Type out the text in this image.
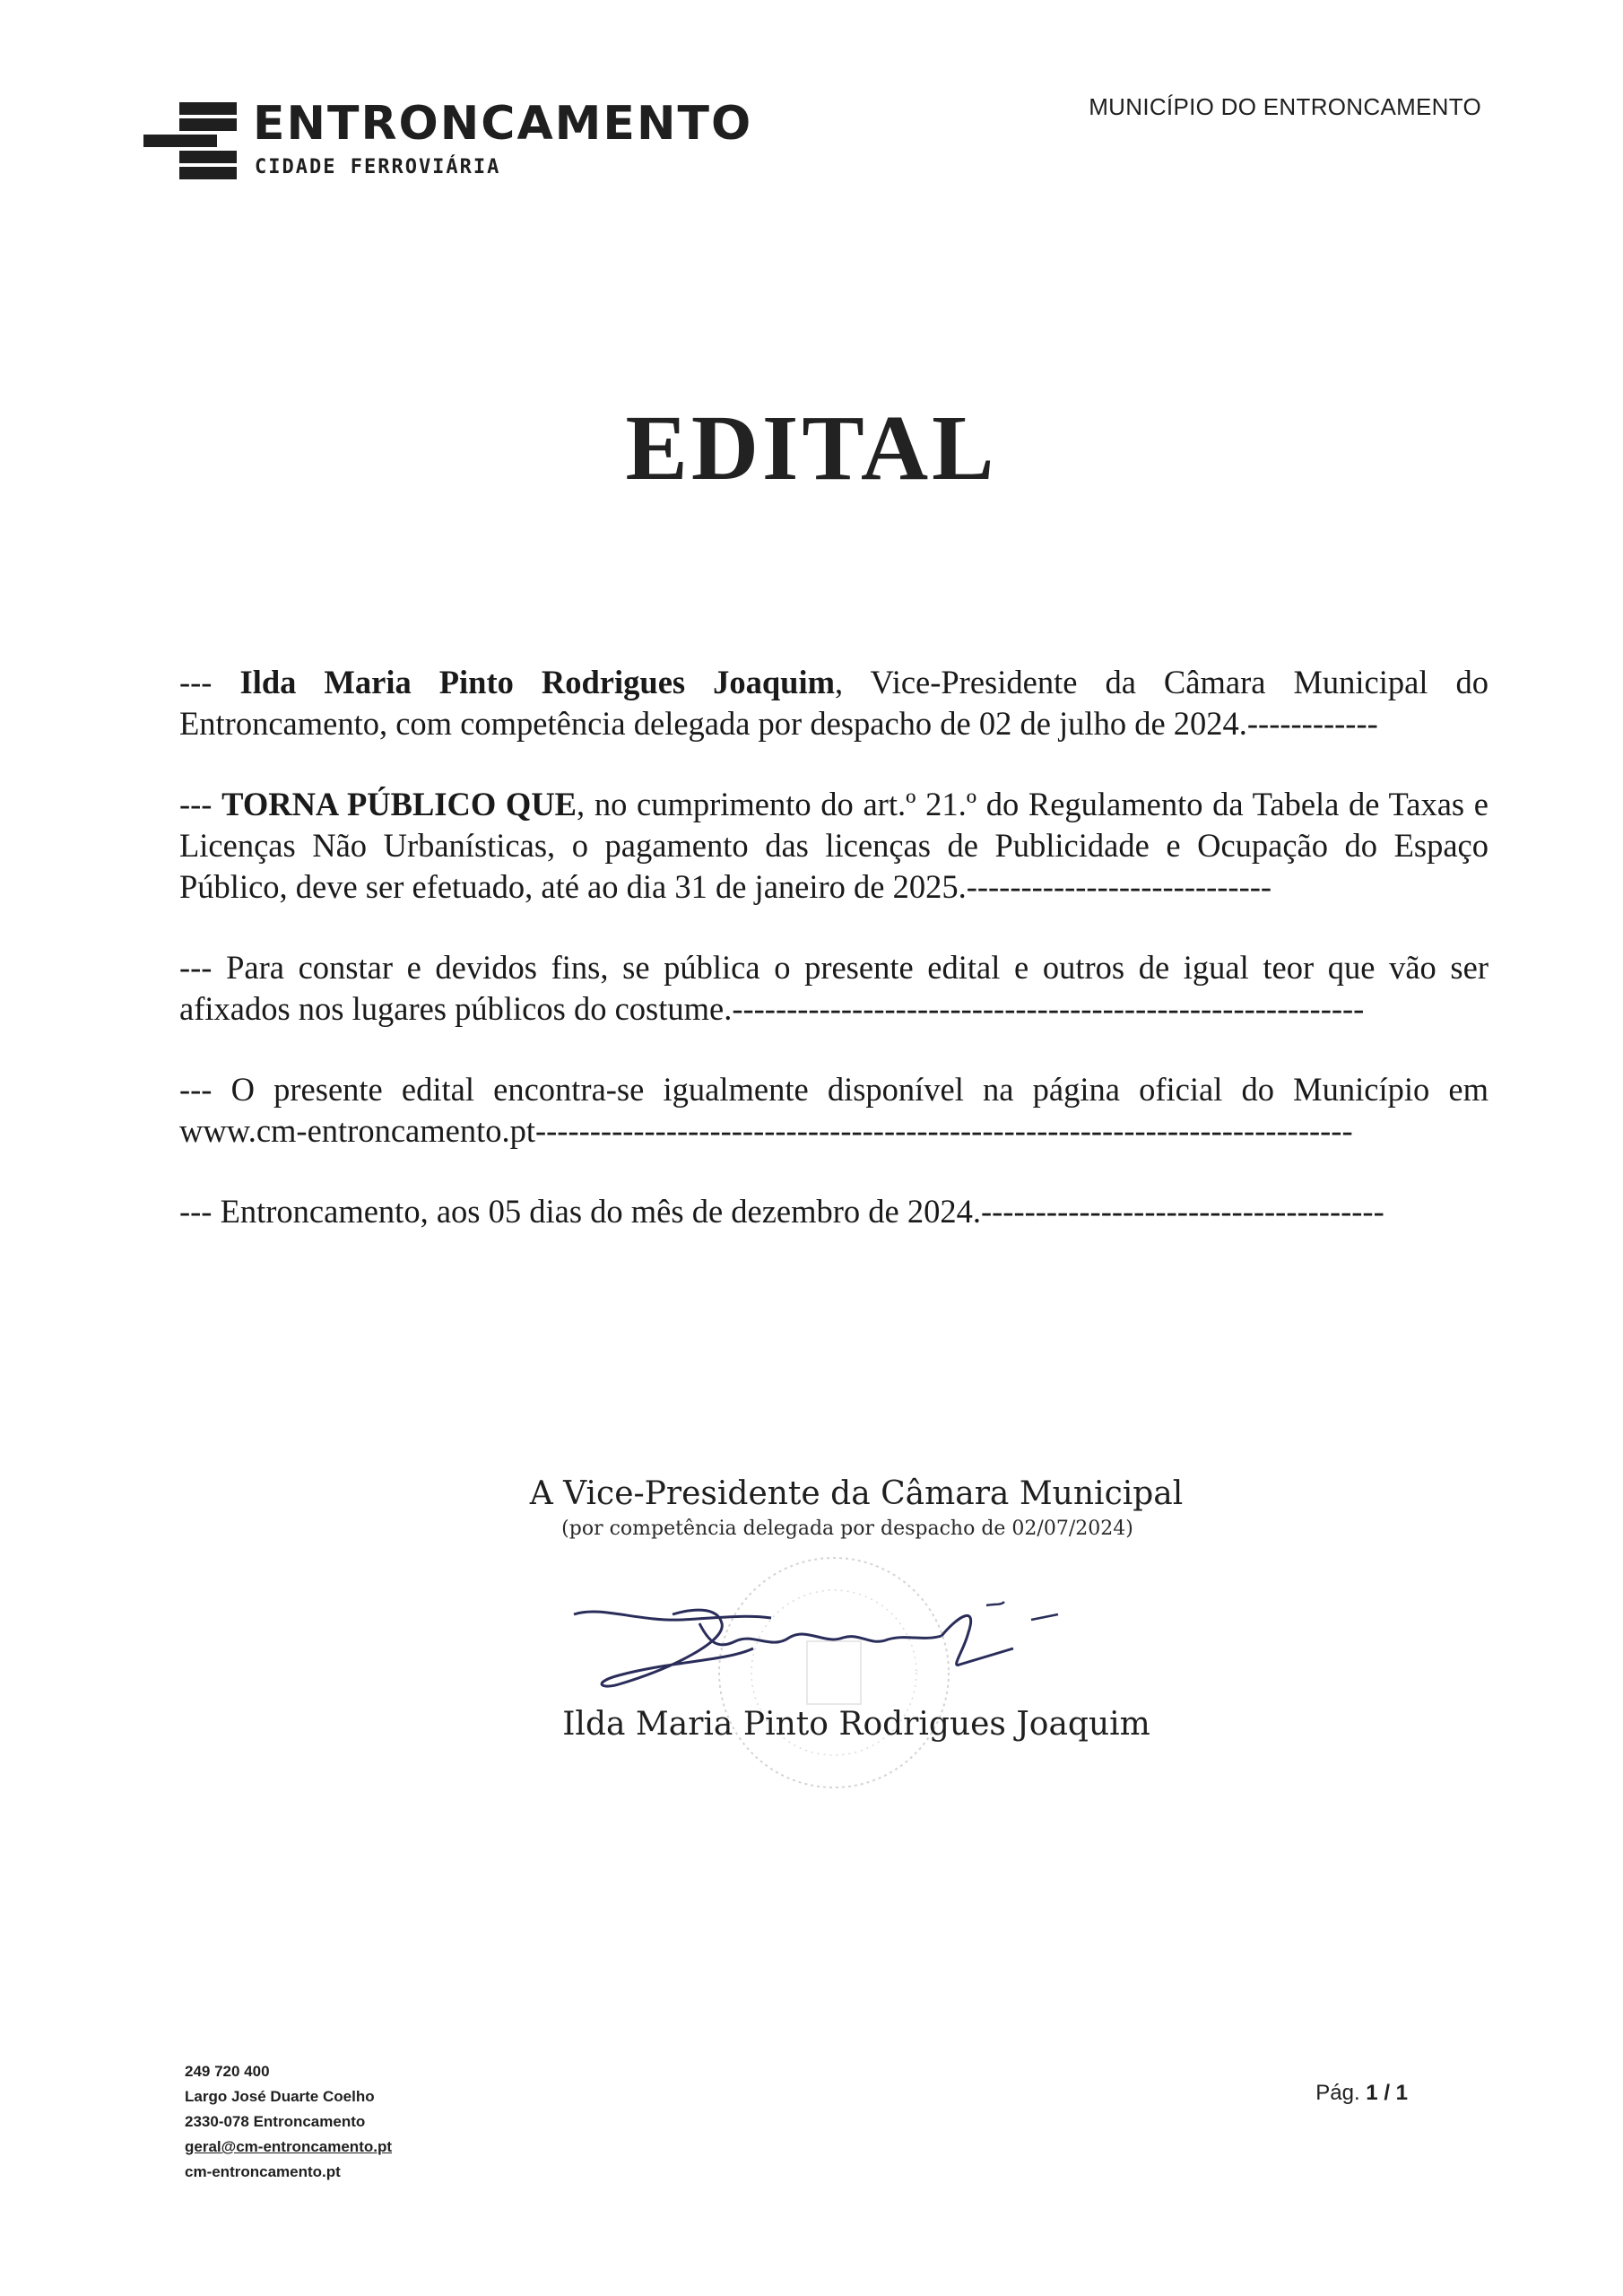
ENTRONCAMENTO
CIDADE FERROVIÁRIA
MUNICÍPIO DO ENTRONCAMENTO
EDITAL

--- Ilda Maria Pinto Rodrigues Joaquim, Vice-Presidente da Câmara Municipal do Entroncamento, com competência delegada por despacho de 02 de julho de 2024.------------

--- TORNA PÚBLICO QUE, no cumprimento do art.º 21.º do Regulamento da Tabela de Taxas e Licenças Não Urbanísticas, o pagamento das licenças de Publicidade e Ocupação do Espaço Público, deve ser efetuado, até ao dia 31 de janeiro de 2025.----------------------------

--- Para constar e devidos fins, se pública o presente edital e outros de igual teor que vão ser afixados nos lugares públicos do costume.----------------------------------------------------------

--- O presente edital encontra-se igualmente disponível na página oficial do Município em www.cm-entroncamento.pt---------------------------------------------------------------------------

--- Entroncamento, aos 05 dias do mês de dezembro de 2024.-------------------------------------

A Vice-Presidente da Câmara Municipal
(por competência delegada por despacho de 02/07/2024)
Ilda Maria Pinto Rodrigues Joaquim
249 720 400
Largo José Duarte Coelho
2330-078 Entroncamento
geral@cm-entroncamento.pt
cm-entroncamento.pt
Pág. 1 / 1
